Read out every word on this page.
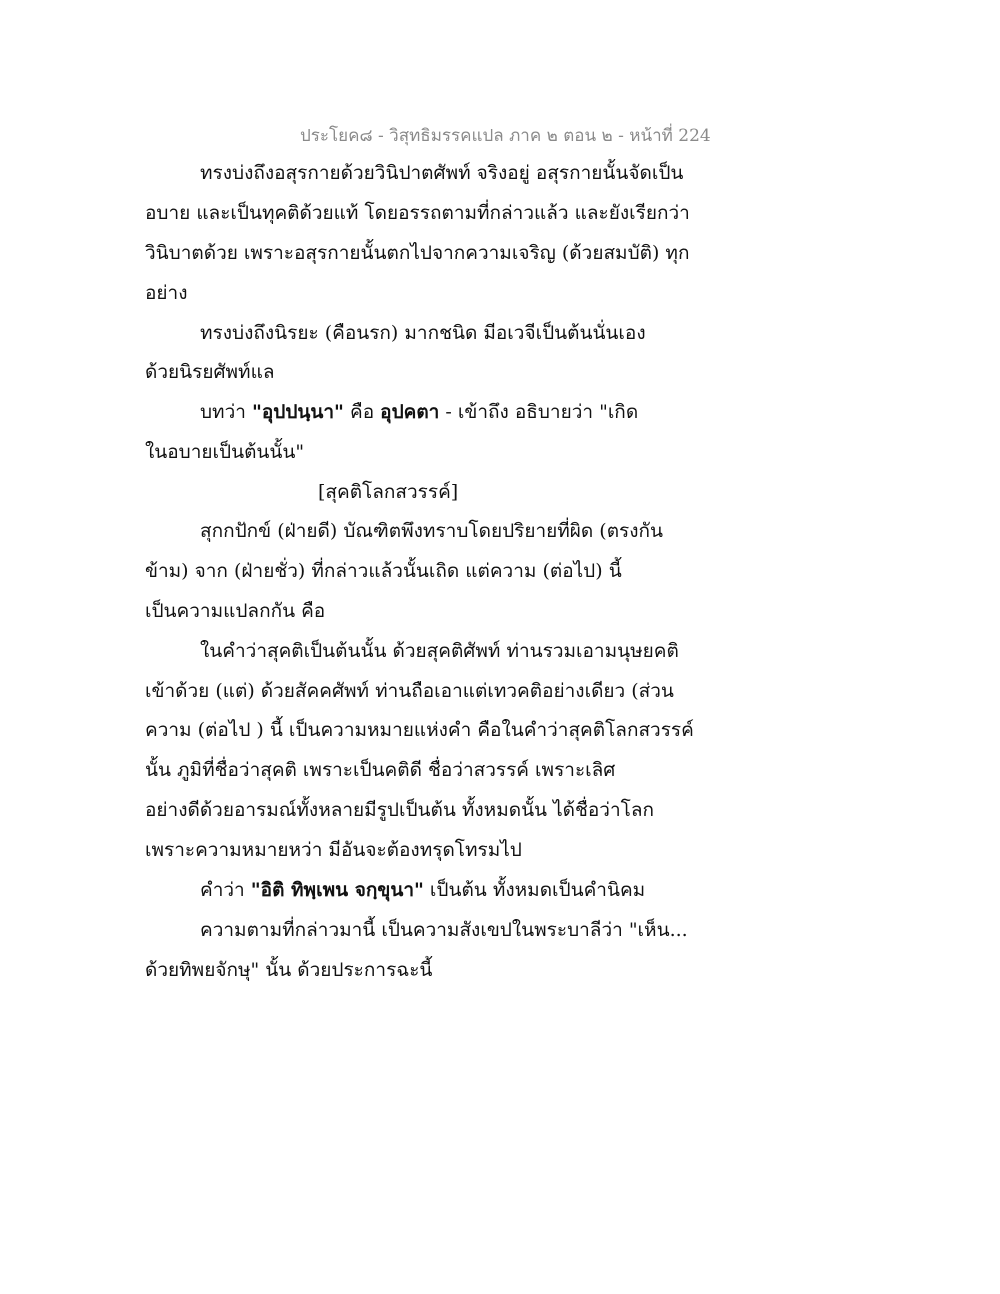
ประโยค๘ - วิสุทธิมรรคแปล ภาค ๒ ตอน ๒ - หน้าที่ 224
ทรงบ่งถึงอสุรกายด้วยวินิปาตศัพท์ จริงอยู่ อสุรกายนั้นจัดเป็น
อบาย และเป็นทุคติด้วยแท้ โดยอรรถตามที่กล่าวแล้ว และยังเรียกว่า
วินิบาตด้วย เพราะอสุรกายนั้นตกไปจากความเจริญ (ด้วยสมบัติ) ทุก
อย่าง
ทรงบ่งถึงนิรยะ (คือนรก) มากชนิด มีอเวจีเป็นต้นนั่นเอง
ด้วยนิรยศัพท์แล
บทว่า "อุปปนฺนา" คือ อุปคตา - เข้าถึง อธิบายว่า "เกิด
ในอบายเป็นต้นนั้น"
[สุคติโลกสวรรค์]
สุกกปักข์ (ฝ่ายดี) บัณฑิตพึงทราบโดยปริยายที่ผิด (ตรงกัน
ข้าม) จาก (ฝ่ายชั่ว) ที่กล่าวแล้วนั้นเถิด แต่ความ (ต่อไป) นี้
เป็นความแปลกกัน คือ
ในคำว่าสุคติเป็นต้นนั้น ด้วยสุคติศัพท์ ท่านรวมเอามนุษยคติ
เข้าด้วย (แต่) ด้วยสัคคศัพท์ ท่านถือเอาแต่เทวคติอย่างเดียว (ส่วน
ความ (ต่อไป ) นี้ เป็นความหมายแห่งคำ คือในคำว่าสุคติโลกสวรรค์
นั้น ภูมิที่ชื่อว่าสุคติ เพราะเป็นคติดี ชื่อว่าสวรรค์ เพราะเลิศ
อย่างดีด้วยอารมณ์ทั้งหลายมีรูปเป็นต้น ทั้งหมดนั้น ได้ชื่อว่าโลก
เพราะความหมายหว่า มีอันจะต้องทรุดโทรมไป
คำว่า "อิติ ทิพฺเพน จกฺขุนา" เป็นต้น ทั้งหมดเป็นคำนิคม
ความตามที่กล่าวมานี้ เป็นความสังเขปในพระบาลีว่า "เห็น...
ด้วยทิพยจักษุ" นั้น ด้วยประการฉะนี้
